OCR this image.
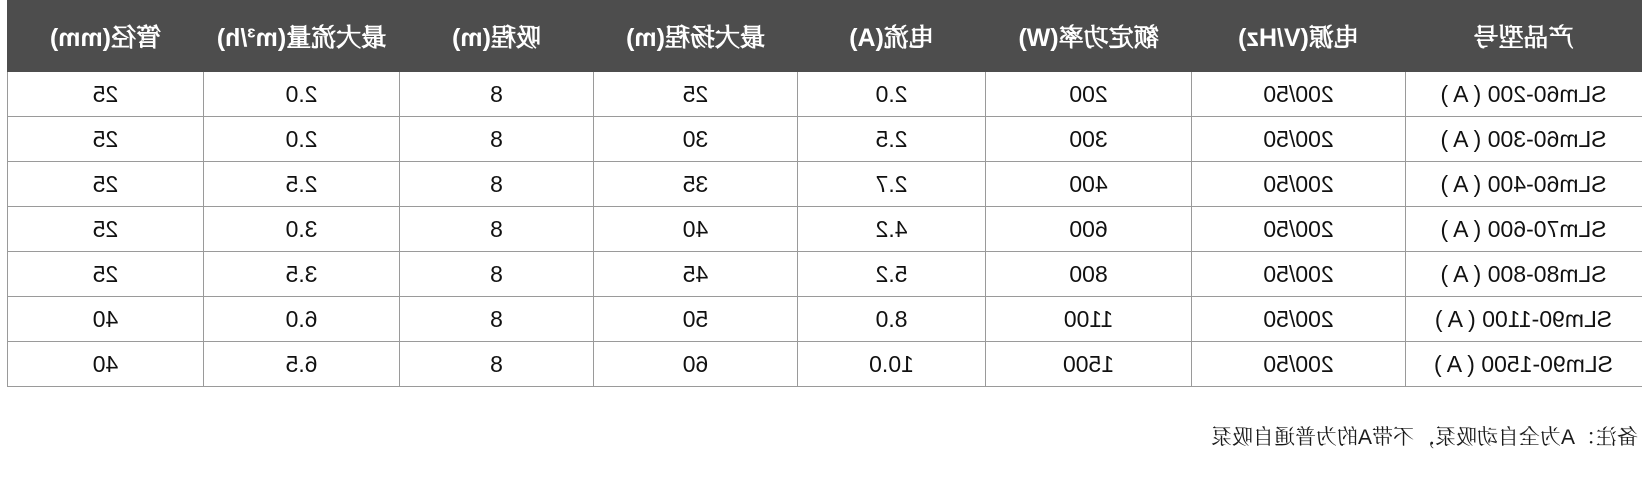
产品型号	电源(V/Hz)	额定功率(W)	电流(A)	最大扬程(m)	吸程(m)	最大流量(m³/h)	管径(mm)
SLm60-200 ( A )	200/50	200	2.0	25	8	2.0	25
SLm60-300 ( A )	200/50	300	2.5	30	8	2.0	25
SLm60-400 ( A )	200/50	400	2.7	35	8	2.5	25
SLm70-600 ( A )	200/50	600	4.2	40	8	3.0	25
SLm80-800 ( A )	200/50	800	5.2	45	8	3.5	25
SLm90-1100 ( A )	200/50	1100	8.0	50	8	6.0	40
SLm90-1500 ( A )	200/50	1500	10.0	60	8	6.5	40
备注：A为全自动吸泵，不带A的为普通自吸泵
